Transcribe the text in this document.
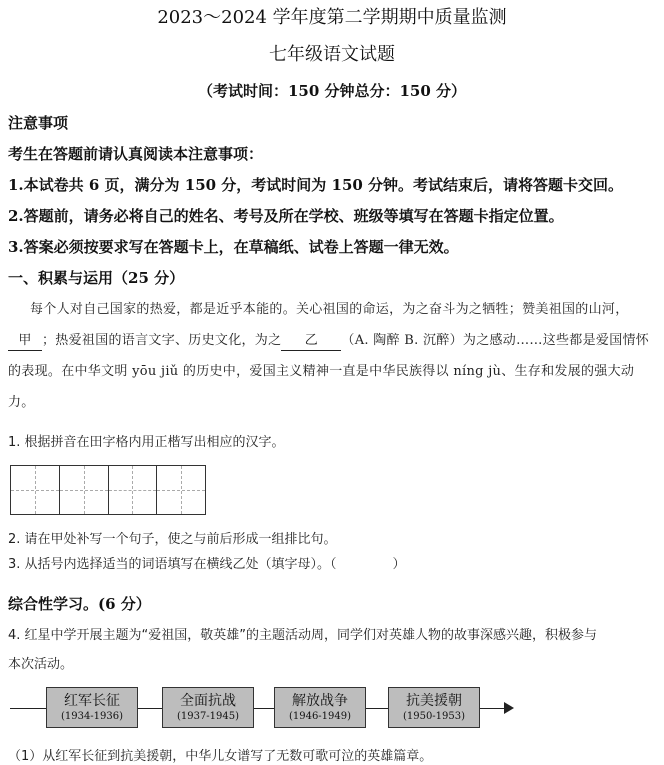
2023～2024 学年度第二学期期中质量监测
七年级语文试题
（考试时间：150 分钟总分：150 分）
注意事项
考生在答题前请认真阅读本注意事项：
1.本试卷共 6 页，满分为 150 分，考试时间为 150 分钟。考试结束后，请将答题卡交回。
2.答题前，请务必将自己的姓名、考号及所在学校、班级等填写在答题卡指定位置。
3.答案必须按要求写在答题卡上，在草稿纸、试卷上答题一律无效。
一、积累与运用（25 分）
每个人对自己国家的热爱，都是近乎本能的。关心祖国的命运，为之奋斗为之牺牲；赞美祖国的山河，甲 ；热爱祖国的语言文字、历史文化，为之 乙 （A. 陶醉 B. 沉醉）为之感动……这些都是爱国情怀的表现。在中华文明 yōu jiǔ 的历史中，爱国主义精神一直是中华民族得以 níng jù、生存和发展的强大动力。
1. 根据拼音在田字格内用正楷写出相应的汉字。
2. 请在甲处补写一个句子，使之与前后形成一组排比句。
3. 从括号内选择适当的词语填写在横线乙处（填字母）。（	）
综合性学习。(6 分）
4. 红星中学开展主题为“爱祖国，敬英雄”的主题活动周，同学们对英雄人物的故事深感兴趣，积极参与
本次活动。
红军长征
(1934-1936)
全面抗战
(1937-1945)
解放战争
(1946-1949)
抗美援朝
(1950-1953)
（1）从红军长征到抗美援朝，中华儿女谱写了无数可歌可泣的英雄篇章。
